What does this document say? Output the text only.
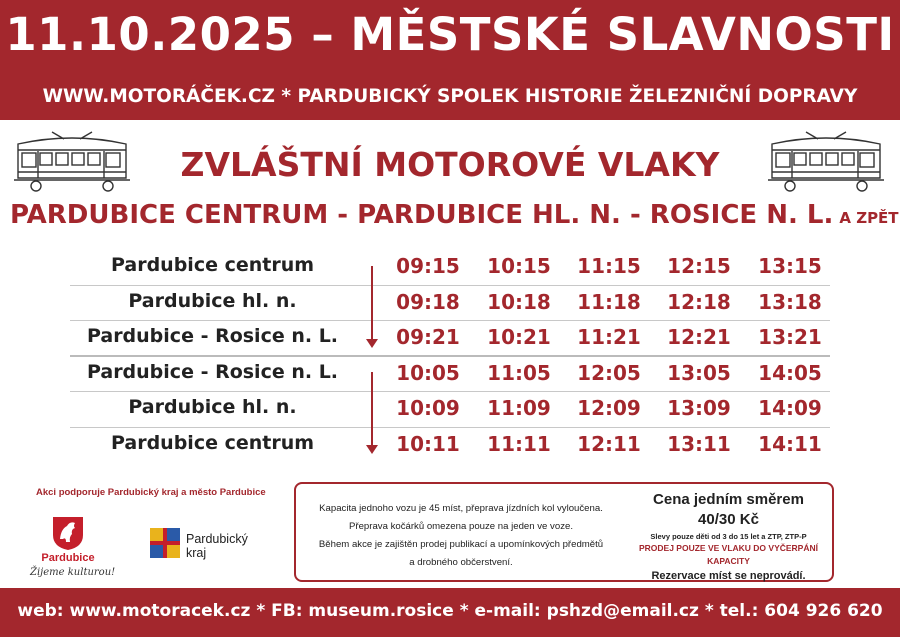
11.10.2025 – MĚSTSKÉ SLAVNOSTI
WWW.MOTORÁČEK.CZ * PARDUBICKÝ SPOLEK HISTORIE ŽELEZNIČNÍ DOPRAVY
ZVLÁŠTNÍ MOTOROVÉ VLAKY
PARDUBICE CENTRUM - PARDUBICE HL. N. - ROSICE N. L. A ZPĚT
Pardubice centrum	09:15	10:15	11:15	12:15	13:15
Pardubice hl. n.	09:18	10:18	11:18	12:18	13:18
Pardubice - Rosice n. L.	09:21	10:21	11:21	12:21	13:21
Pardubice - Rosice n. L.	10:05	11:05	12:05	13:05	14:05
Pardubice hl. n.	10:09	11:09	12:09	13:09	14:09
Pardubice centrum	10:11	11:11	12:11	13:11	14:11
Akci podporuje Pardubický kraj a město Pardubice
Pardubice
Žijeme kulturou!
Pardubický
kraj
Kapacita jednoho vozu je 45 míst, přeprava jízdních kol vyloučena.
Přeprava kočárků omezena pouze na jeden ve voze.
Během akce je zajištěn prodej publikací a upomínkových předmětů
a drobného občerstvení.
Cena jedním směrem
40/30 Kč
Slevy pouze děti od 3 do 15 let a ZTP, ZTP-P
PRODEJ POUZE VE VLAKU DO VYČERPÁNÍ KAPACITY
Rezervace míst se neprovádí.
web: www.motoracek.cz * FB: museum.rosice * e-mail: pshzd@email.cz * tel.: 604 926 620
